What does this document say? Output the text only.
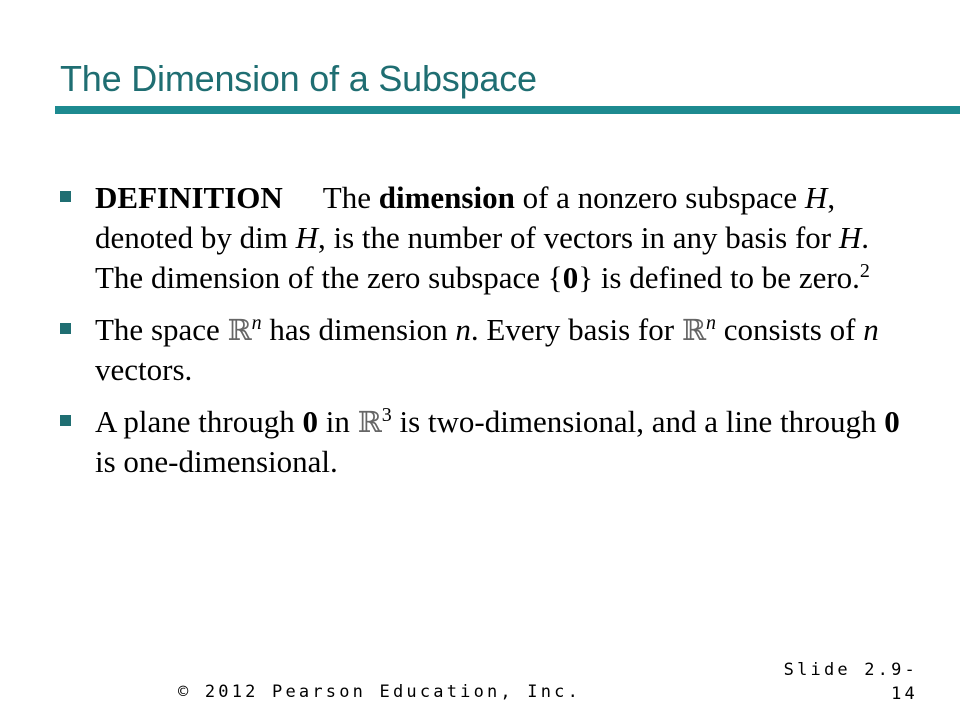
The Dimension of a Subspace
DEFINITION The dimension of a nonzero subspace H, denoted by dim H, is the number of vectors in any basis for H. The dimension of the zero subspace {0} is defined to be zero.$^2$
The space ℝ$^n$ has dimension n. Every basis for ℝ$^n$ consists of n vectors.
A plane through 0 in ℝ$^3$ is two-dimensional, and a line through 0 is one-dimensional.
© 2012 Pearson Education, Inc.
Slide 2.9-
14
